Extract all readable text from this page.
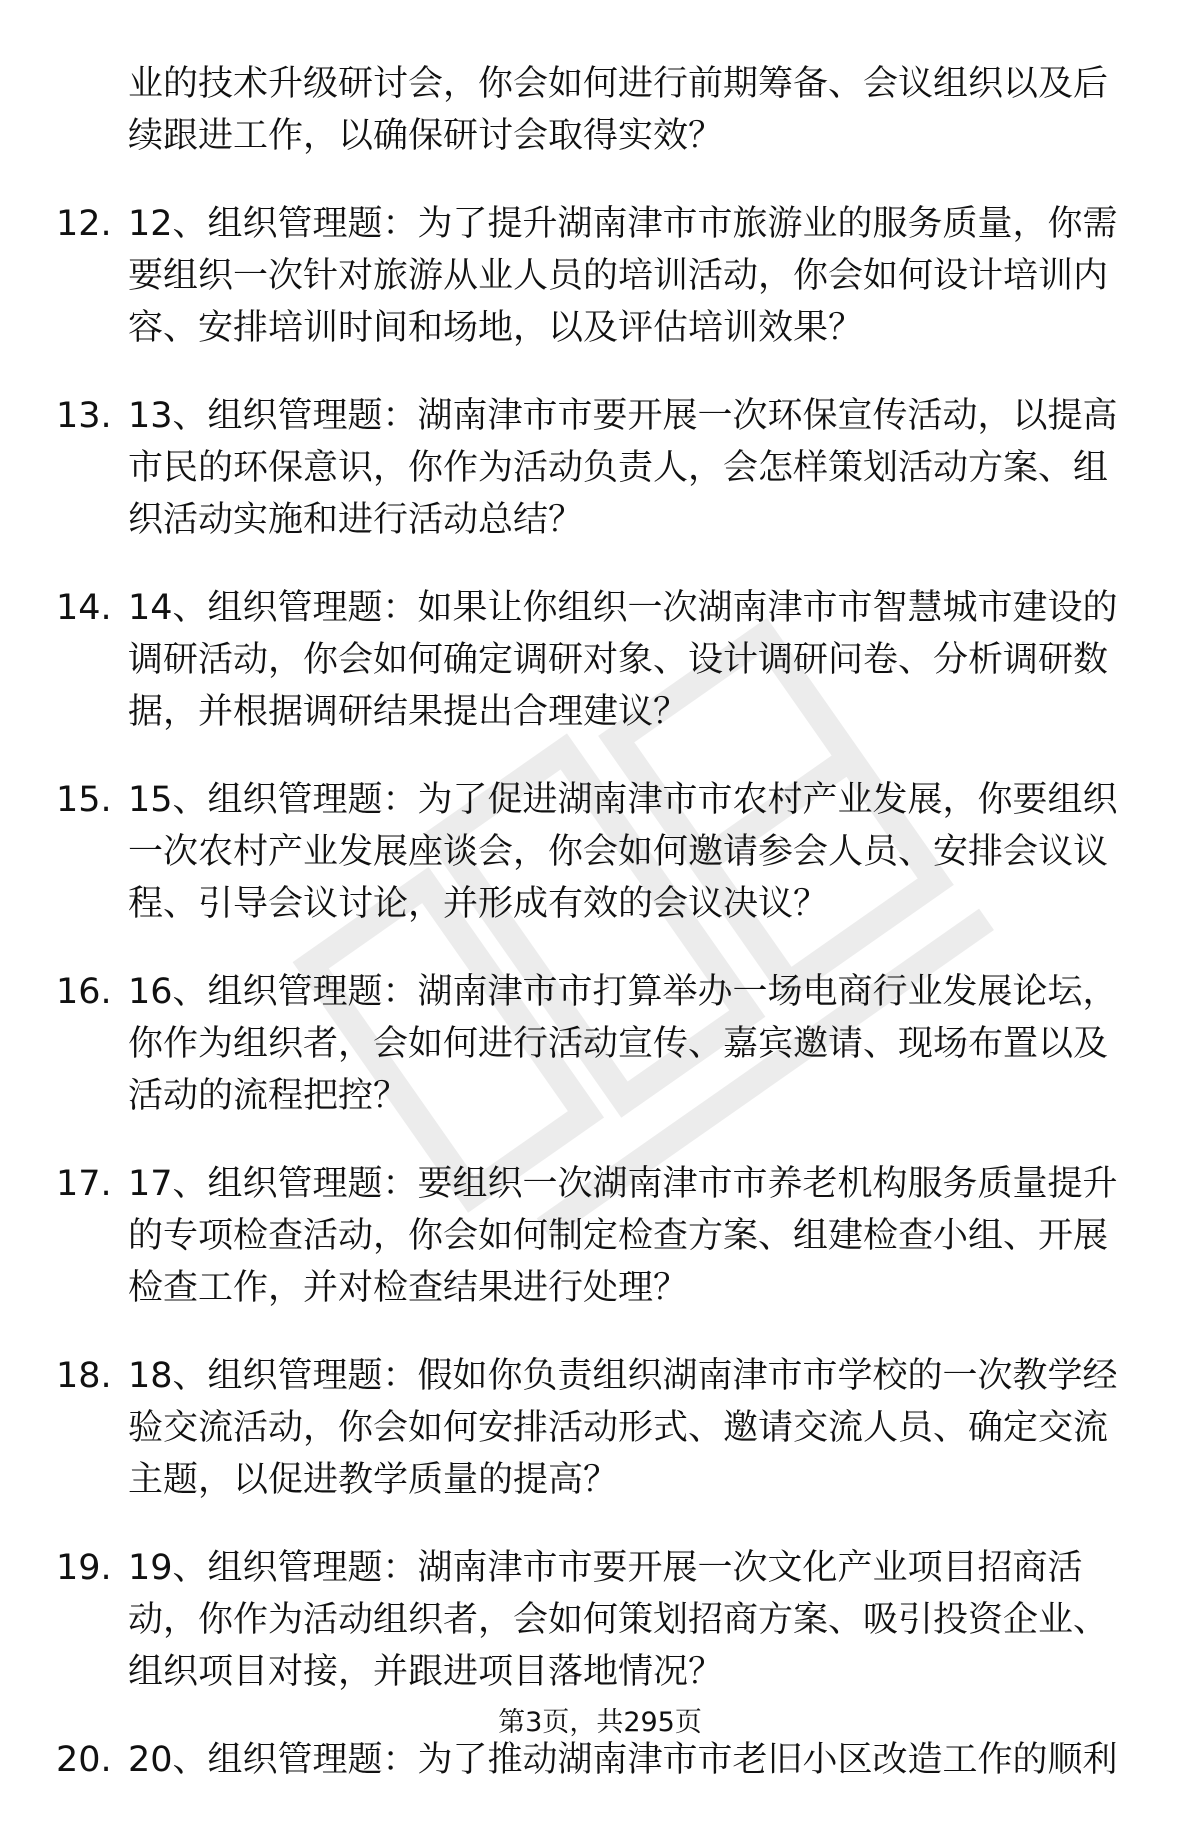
业的技术升级研讨会，你会如何进行前期筹备、会议组织以及后
续跟进工作，以确保研讨会取得实效？
12. 12、组织管理题：为了提升湖南津市市旅游业的服务质量，你需
要组织一次针对旅游从业人员的培训活动，你会如何设计培训内
容、安排培训时间和场地，以及评估培训效果？
13. 13、组织管理题：湖南津市市要开展一次环保宣传活动，以提高
市民的环保意识，你作为活动负责人，会怎样策划活动方案、组
织活动实施和进行活动总结？
14. 14、组织管理题：如果让你组织一次湖南津市市智慧城市建设的
调研活动，你会如何确定调研对象、设计调研问卷、分析调研数
据，并根据调研结果提出合理建议？
15. 15、组织管理题：为了促进湖南津市市农村产业发展，你要组织
一次农村产业发展座谈会，你会如何邀请参会人员、安排会议议
程、引导会议讨论，并形成有效的会议决议？
16. 16、组织管理题：湖南津市市打算举办一场电商行业发展论坛，
你作为组织者，会如何进行活动宣传、嘉宾邀请、现场布置以及
活动的流程把控？
17. 17、组织管理题：要组织一次湖南津市市养老机构服务质量提升
的专项检查活动，你会如何制定检查方案、组建检查小组、开展
检查工作，并对检查结果进行处理？
18. 18、组织管理题：假如你负责组织湖南津市市学校的一次教学经
验交流活动，你会如何安排活动形式、邀请交流人员、确定交流
主题，以促进教学质量的提高？
19. 19、组织管理题：湖南津市市要开展一次文化产业项目招商活
动，你作为活动组织者，会如何策划招商方案、吸引投资企业、
组织项目对接，并跟进项目落地情况？
20. 20、组织管理题：为了推动湖南津市市老旧小区改造工作的顺利
第3页，共295页
